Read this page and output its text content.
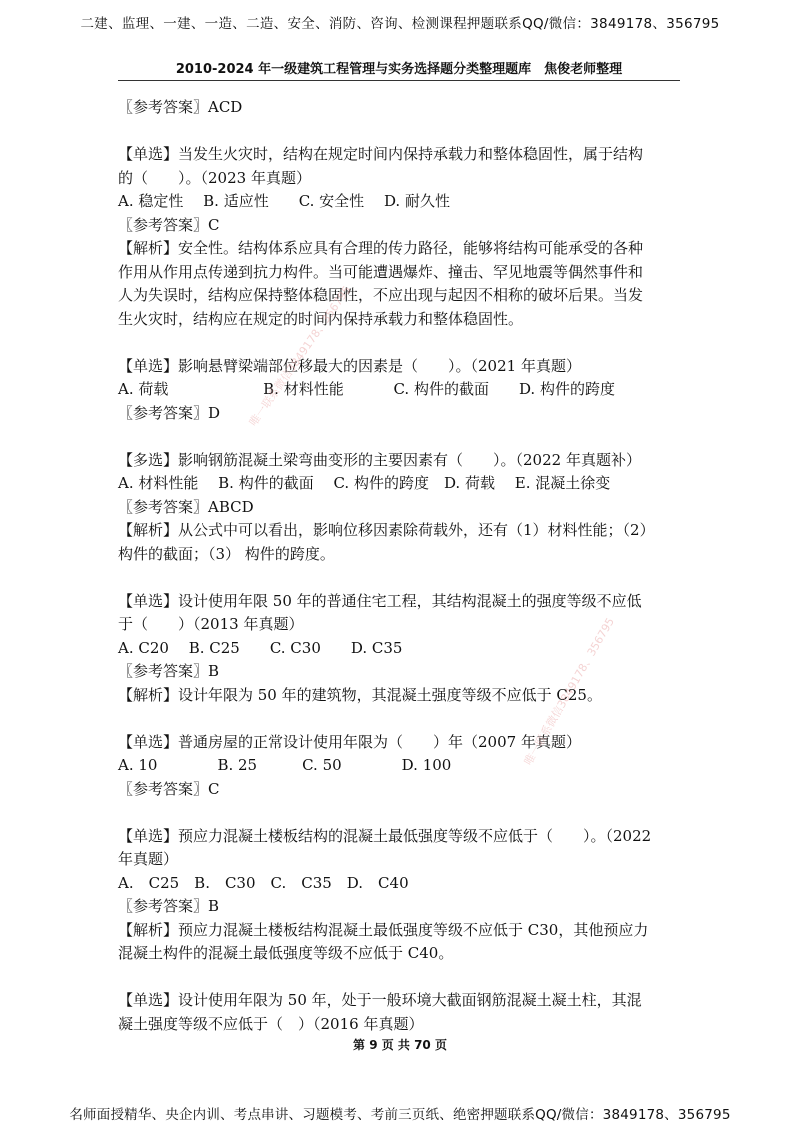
二建、监理、一建、一造、二造、安全、消防、咨询、检测课程押题联系QQ/微信：3849178、356795
2010-2024 年一级建筑工程管理与实务选择题分类整理题库　焦俊老师整理
〖参考答案〗ACD
【单选】当发生火灾时，结构在规定时间内保持承载力和整体稳固性，属于结构
的（　　）。（2023 年真题）
A. 稳定性　 B. 适应性　　C. 安全性　 D. 耐久性
〖参考答案〗C
【解析】安全性。结构体系应具有合理的传力路径，能够将结构可能承受的各种
作用从作用点传递到抗力构件。当可能遭遇爆炸、撞击、罕见地震等偶然事件和
人为失误时，结构应保持整体稳固性，不应出现与起因不相称的破坏后果。当发
生火灾时，结构应在规定的时间内保持承载力和整体稳固性。
【单选】影响悬臂梁端部位移最大的因素是（　　）。（2021 年真题）
A. 荷载　　　　　　 B. 材料性能　　　 C. 构件的截面　　D. 构件的跨度
〖参考答案〗D
【多选】影响钢筋混凝土梁弯曲变形的主要因素有（　　）。（2022 年真题补）
A. 材料性能　 B. 构件的截面　 C. 构件的跨度　D. 荷载　 E. 混凝土徐变
〖参考答案〗ABCD
【解析】从公式中可以看出，影响位移因素除荷载外，还有（1）材料性能；（2）
构件的截面；（3） 构件的跨度。
【单选】设计使用年限 50 年的普通住宅工程，其结构混凝土的强度等级不应低
于（　　）（2013 年真题）
A. C20　 B. C25　　C. C30　　D. C35
〖参考答案〗B
【解析】设计年限为 50 年的建筑物，其混凝土强度等级不应低于 C25。
【单选】普通房屋的正常设计使用年限为（　　）年（2007 年真题）
A. 10　　　　B. 25　　　C. 50　　　　D. 100
〖参考答案〗C
【单选】预应力混凝土楼板结构的混凝土最低强度等级不应低于（　　）。（2022
年真题）
A.　C25　B.　C30　C.　C35　D.　C40
〖参考答案〗B
【解析】预应力混凝土楼板结构混凝土最低强度等级不应低于 C30，其他预应力
混凝土构件的混凝土最低强度等级不应低于 C40。
【单选】设计使用年限为 50 年，处于一般环境大截面钢筋混凝土凝土柱，其混
凝土强度等级不应低于（　）（2016 年真题）
唯一联系微信3849178、356795
唯一联系微信3849178、356795
第 9 页 共 70 页
名师面授精华、央企内训、考点串讲、习题模考、考前三页纸、绝密押题联系QQ/微信：3849178、356795
